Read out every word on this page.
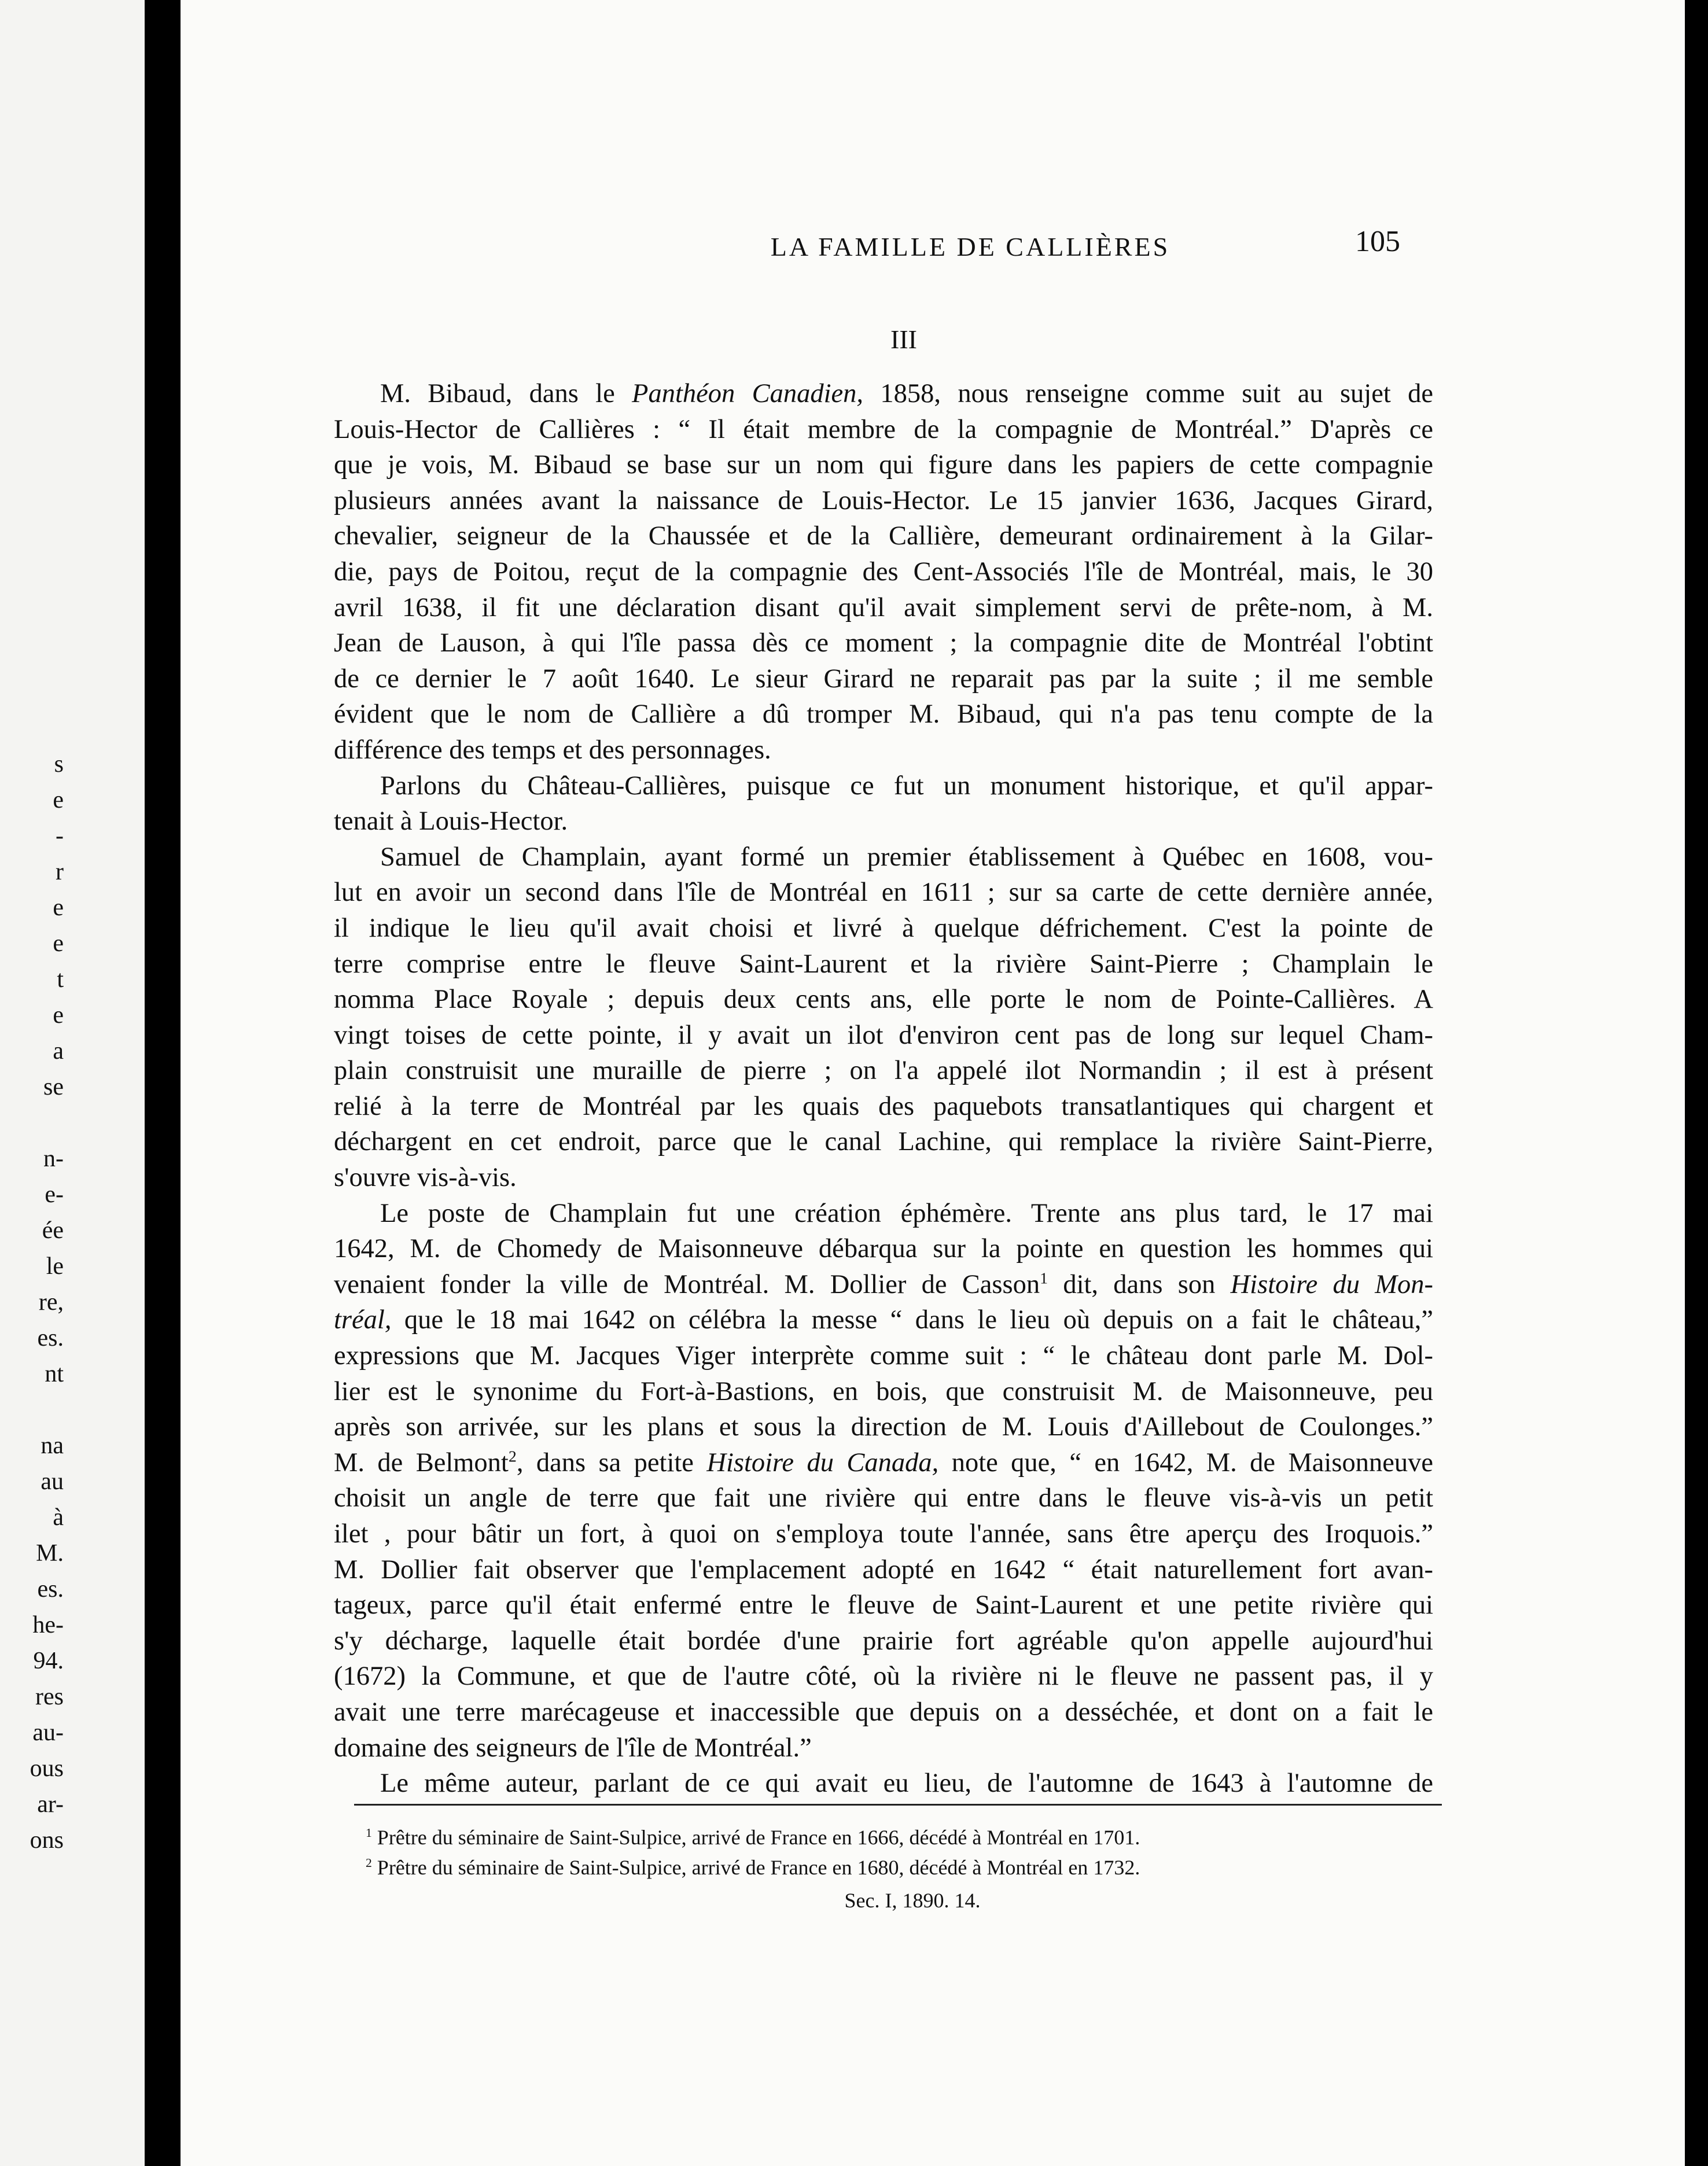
s
e
-
r
e
e
t
e
a
se
n-
e-
ée
le
re,
es.
nt
na
au
à
M.
es.
he-
94.
res
au-
ous
ar-
ons
LA FAMILLE DE CALLIÈRES	105
III
M. Bibaud, dans le Panthéon Canadien, 1858, nous renseigne comme suit au sujet de
Louis-Hector de Callières : “ Il était membre de la compagnie de Montréal.” D'après ce
que je vois, M. Bibaud se base sur un nom qui figure dans les papiers de cette compagnie
plusieurs années avant la naissance de Louis-Hector. Le 15 janvier 1636, Jacques Girard,
chevalier, seigneur de la Chaussée et de la Callière, demeurant ordinairement à la Gilar-
die, pays de Poitou, reçut de la compagnie des Cent-Associés l'île de Montréal, mais, le 30
avril 1638, il fit une déclaration disant qu'il avait simplement servi de prête-nom, à M.
Jean de Lauson, à qui l'île passa dès ce moment ; la compagnie dite de Montréal l'obtint
de ce dernier le 7 août 1640. Le sieur Girard ne reparait pas par la suite ; il me semble
évident que le nom de Callière a dû tromper M. Bibaud, qui n'a pas tenu compte de la
différence des temps et des personnages.
Parlons du Château-Callières, puisque ce fut un monument historique, et qu'il appar-
tenait à Louis-Hector.
Samuel de Champlain, ayant formé un premier établissement à Québec en 1608, vou-
lut en avoir un second dans l'île de Montréal en 1611 ; sur sa carte de cette dernière année,
il indique le lieu qu'il avait choisi et livré à quelque défrichement. C'est la pointe de
terre comprise entre le fleuve Saint-Laurent et la rivière Saint-Pierre ; Champlain le
nomma Place Royale ; depuis deux cents ans, elle porte le nom de Pointe-Callières. A
vingt toises de cette pointe, il y avait un ilot d'environ cent pas de long sur lequel Cham-
plain construisit une muraille de pierre ; on l'a appelé ilot Normandin ; il est à présent
relié à la terre de Montréal par les quais des paquebots transatlantiques qui chargent et
déchargent en cet endroit, parce que le canal Lachine, qui remplace la rivière Saint-Pierre,
s'ouvre vis-à-vis.
Le poste de Champlain fut une création éphémère. Trente ans plus tard, le 17 mai
1642, M. de Chomedy de Maisonneuve débarqua sur la pointe en question les hommes qui
venaient fonder la ville de Montréal. M. Dollier de Casson$^1$ dit, dans son Histoire du Mon-
tréal, que le 18 mai 1642 on célébra la messe “ dans le lieu où depuis on a fait le château,”
expressions que M. Jacques Viger interprète comme suit : “ le château dont parle M. Dol-
lier est le synonime du Fort-à-Bastions, en bois, que construisit M. de Maisonneuve, peu
après son arrivée, sur les plans et sous la direction de M. Louis d'Aillebout de Coulonges.”
M. de Belmont$^2$, dans sa petite Histoire du Canada, note que, “ en 1642, M. de Maisonneuve
choisit un angle de terre que fait une rivière qui entre dans le fleuve vis-à-vis un petit
ilet , pour bâtir un fort, à quoi on s'employa toute l'année, sans être aperçu des Iroquois.”
M. Dollier fait observer que l'emplacement adopté en 1642 “ était naturellement fort avan-
tageux, parce qu'il était enfermé entre le fleuve de Saint-Laurent et une petite rivière qui
s'y décharge, laquelle était bordée d'une prairie fort agréable qu'on appelle aujourd'hui
(1672) la Commune, et que de l'autre côté, où la rivière ni le fleuve ne passent pas, il y
avait une terre marécageuse et inaccessible que depuis on a desséchée, et dont on a fait le
domaine des seigneurs de l'île de Montréal.”
Le même auteur, parlant de ce qui avait eu lieu, de l'automne de 1643 à l'automne de
$^1$ Prêtre du séminaire de Saint-Sulpice, arrivé de France en 1666, décédé à Montréal en 1701.
$^2$ Prêtre du séminaire de Saint-Sulpice, arrivé de France en 1680, décédé à Montréal en 1732.
Sec. I, 1890. 14.
